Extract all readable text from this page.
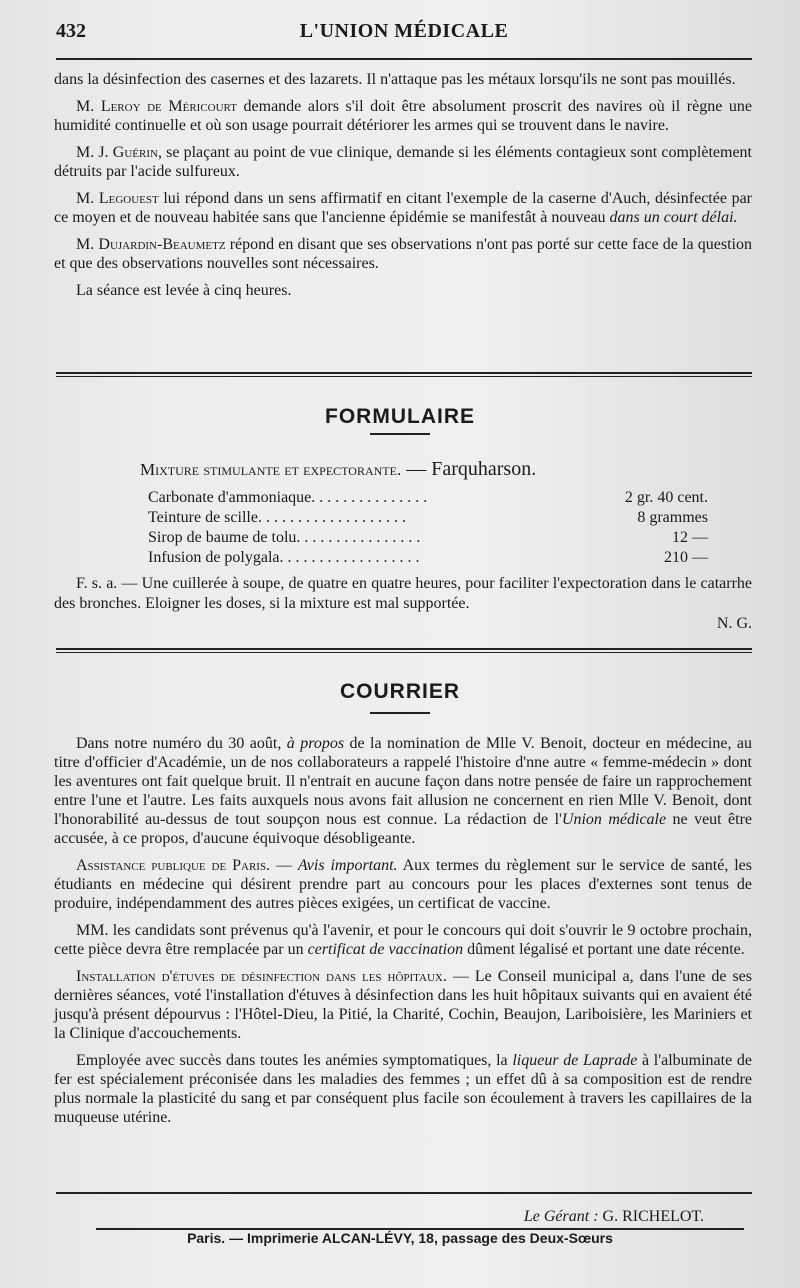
432	L'UNION MÉDICALE

dans la désinfection des casernes et des lazarets. Il n'attaque pas les métaux lorsqu'ils ne sont pas mouillés.

M. Leroy de Méricourt demande alors s'il doit être absolument proscrit des navires où il règne une humidité continuelle et où son usage pourrait détériorer les armes qui se trouvent dans le navire.

M. J. Guérin, se plaçant au point de vue clinique, demande si les éléments contagieux sont complètement détruits par l'acide sulfureux.

M. Legouest lui répond dans un sens affirmatif en citant l'exemple de la caserne d'Auch, désinfectée par ce moyen et de nouveau habitée sans que l'ancienne épidémie se manifestât à nouveau dans un court délai.

M. Dujardin-Beaumetz répond en disant que ses observations n'ont pas porté sur cette face de la question et que des observations nouvelles sont nécessaires.

La séance est levée à cinq heures.

FORMULAIRE
Mixture stimulante et expectorante. — Farquharson.
Carbonate d'ammoniaque. . . . . . . . . . . . . . .	2 gr. 40 cent.
Teinture de scille. . . . . . . . . . . . . . . . . . .	8 grammes
Sirop de baume de tolu. . . . . . . . . . . . . . . .	12 —
Infusion de polygala. . . . . . . . . . . . . . . . . .	210 —
F. s. a. — Une cuillerée à soupe, de quatre en quatre heures, pour faciliter l'expectoration dans le catarrhe des bronches. Eloigner les doses, si la mixture est mal supportée.
N. G.
COURRIER

Dans notre numéro du 30 août, à propos de la nomination de Mlle V. Benoit, docteur en médecine, au titre d'officier d'Académie, un de nos collaborateurs a rappelé l'histoire d'nne autre « femme-médecin » dont les aventures ont fait quelque bruit. Il n'entrait en aucune façon dans notre pensée de faire un rapprochement entre l'une et l'autre. Les faits auxquels nous avons fait allusion ne concernent en rien Mlle V. Benoit, dont l'honorabilité au-dessus de tout soupçon nous est connue. La rédaction de l'Union médicale ne veut être accusée, à ce propos, d'aucune équivoque désobligeante.

Assistance publique de Paris. — Avis important. Aux termes du règlement sur le service de santé, les étudiants en médecine qui désirent prendre part au concours pour les places d'externes sont tenus de produire, indépendamment des autres pièces exigées, un certificat de vaccine.

MM. les candidats sont prévenus qu'à l'avenir, et pour le concours qui doit s'ouvrir le 9 octobre prochain, cette pièce devra être remplacée par un certificat de vaccination dûment légalisé et portant une date récente.

Installation d'étuves de désinfection dans les hôpitaux. — Le Conseil municipal a, dans l'une de ses dernières séances, voté l'installation d'étuves à désinfection dans les huit hôpitaux suivants qui en avaient été jusqu'à présent dépourvus : l'Hôtel-Dieu, la Pitié, la Charité, Cochin, Beaujon, Lariboisière, les Mariniers et la Clinique d'accouchements.

Employée avec succès dans toutes les anémies symptomatiques, la liqueur de Laprade à l'albuminate de fer est spécialement préconisée dans les maladies des femmes ; un effet dû à sa composition est de rendre plus normale la plasticité du sang et par conséquent plus facile son écoulement à travers les capillaires de la muqueuse utérine.

Le Gérant : G. RICHELOT.
Paris. — Imprimerie ALCAN-LÉVY, 18, passage des Deux-Sœurs
